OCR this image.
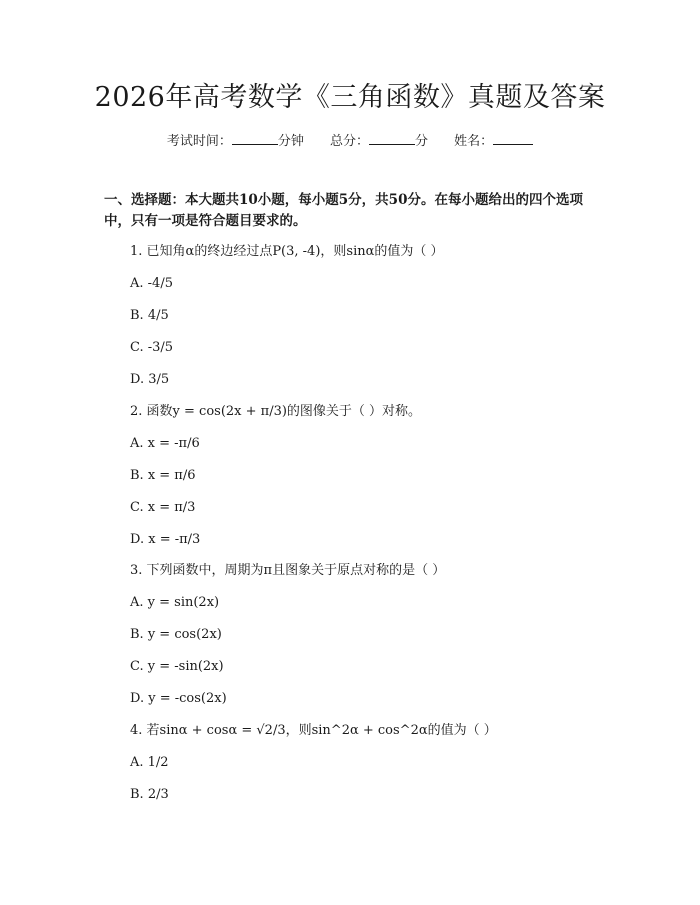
2026年高考数学《三角函数》真题及答案
考试时间：	分钟 总分：	分 姓名：
一、选择题：本大题共10小题，每小题5分，共50分。在每小题给出的四个选项中，只有一项是符合题目要求的。
1. 已知角α的终边经过点P(3, -4)，则sinα的值为（ ）
A. -4/5
B. 4/5
C. -3/5
D. 3/5
2. 函数y = cos(2x + π/3)的图像关于（ ）对称。
A. x = -π/6
B. x = π/6
C. x = π/3
D. x = -π/3
3. 下列函数中，周期为π且图象关于原点对称的是（ ）
A. y = sin(2x)
B. y = cos(2x)
C. y = -sin(2x)
D. y = -cos(2x)
4. 若sinα + cosα = √2/3，则sin^2α + cos^2α的值为（ ）
A. 1/2
B. 2/3
